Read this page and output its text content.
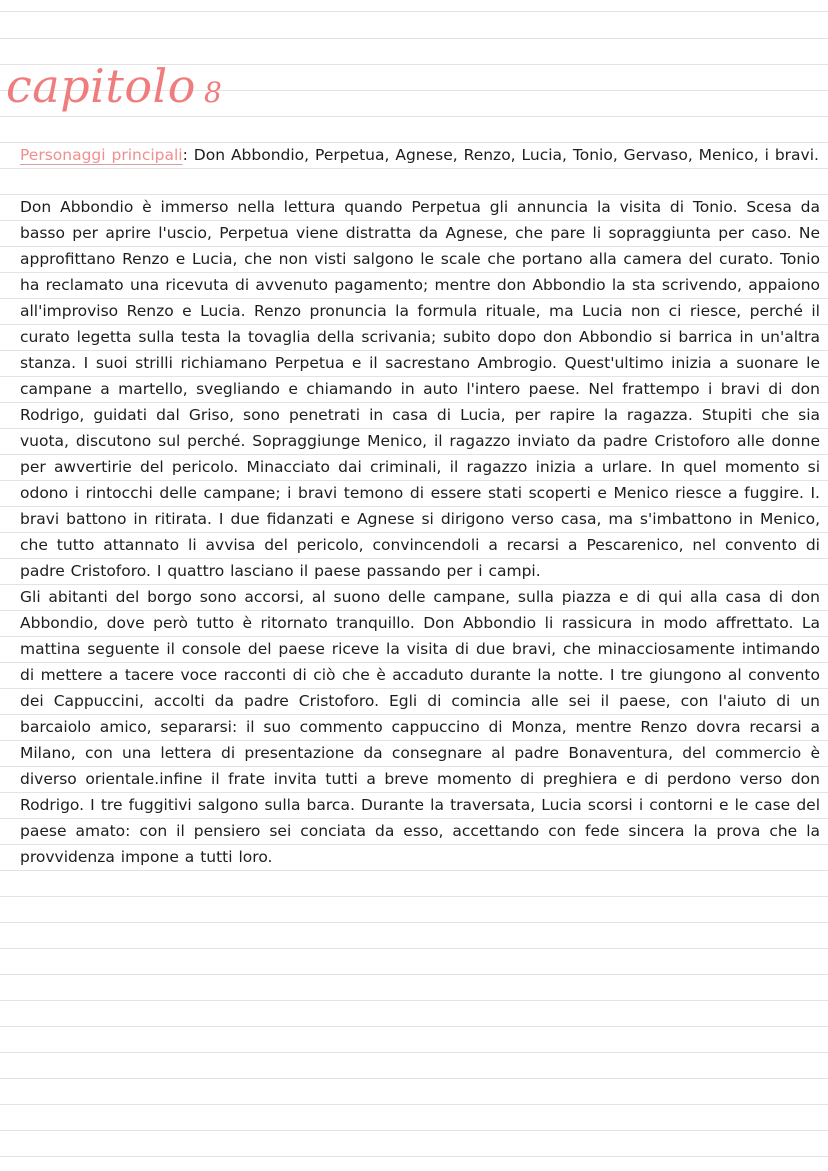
capitolo 8

Personaggi principali: Don Abbondio, Perpetua, Agnese, Renzo, Lucia, Tonio, Gervaso, Menico, i bravi.

Don Abbondio è immerso nella lettura quando Perpetua gli annuncia la visita di Tonio. Scesa da basso per aprire l'uscio, Perpetua viene distratta da Agnese, che pare li sopraggiunta per caso. Ne approfittano Renzo e Lucia, che non visti salgono le scale che portano alla camera del curato. Tonio ha reclamato una ricevuta di avvenuto pagamento; mentre don Abbondio la sta scrivendo, appaiono all'improviso Renzo e Lucia. Renzo pronuncia la formula rituale, ma Lucia non ci riesce, perché il curato legetta sulla testa la tovaglia della scrivania; subito dopo don Abbondio si barrica in un'altra stanza. I suoi strilli richiamano Perpetua e il sacrestano Ambrogio. Quest'ultimo inizia a suonare le campane a martello, svegliando e chiamando in auto l'intero paese. Nel frattempo i bravi di don Rodrigo, guidati dal Griso, sono penetrati in casa di Lucia, per rapire la ragazza. Stupiti che sia vuota, discutono sul perché. Sopraggiunge Menico, il ragazzo inviato da padre Cristoforo alle donne per awvertirie del pericolo. Minacciato dai criminali, il ragazzo inizia a urlare. In quel momento si odono i rintocchi delle campane; i bravi temono di essere stati scoperti e Menico riesce a fuggire. I. bravi battono in ritirata. I due fidanzati e Agnese si dirigono verso casa, ma s'imbattono in Menico, che tutto attannato li avvisa del pericolo, convincendoli a recarsi a Pescarenico, nel convento di padre Cristoforo. I quattro lasciano il paese passando per i campi.

Gli abitanti del borgo sono accorsi, al suono delle campane, sulla piazza e di qui alla casa di don Abbondio, dove però tutto è ritornato tranquillo. Don Abbondio li rassicura in modo affrettato. La mattina seguente il console del paese riceve la visita di due bravi, che minacciosamente intimando di mettere a tacere voce racconti di ciò che è accaduto durante la notte. I tre giungono al convento dei Cappuccini, accolti da padre Cristoforo. Egli di comincia alle sei il paese, con l'aiuto di un barcaiolo amico, separarsi: il suo commento cappuccino di Monza, mentre Renzo dovra recarsi a Milano, con una lettera di presentazione da consegnare al padre Bonaventura, del commercio è diverso orientale.infine il frate invita tutti a breve momento di preghiera e di perdono verso don Rodrigo. I tre fuggitivi salgono sulla barca. Durante la traversata, Lucia scorsi i contorni e le case del paese amato: con il pensiero sei conciata da esso, accettando con fede sincera la prova che la provvidenza impone a tutti loro.
